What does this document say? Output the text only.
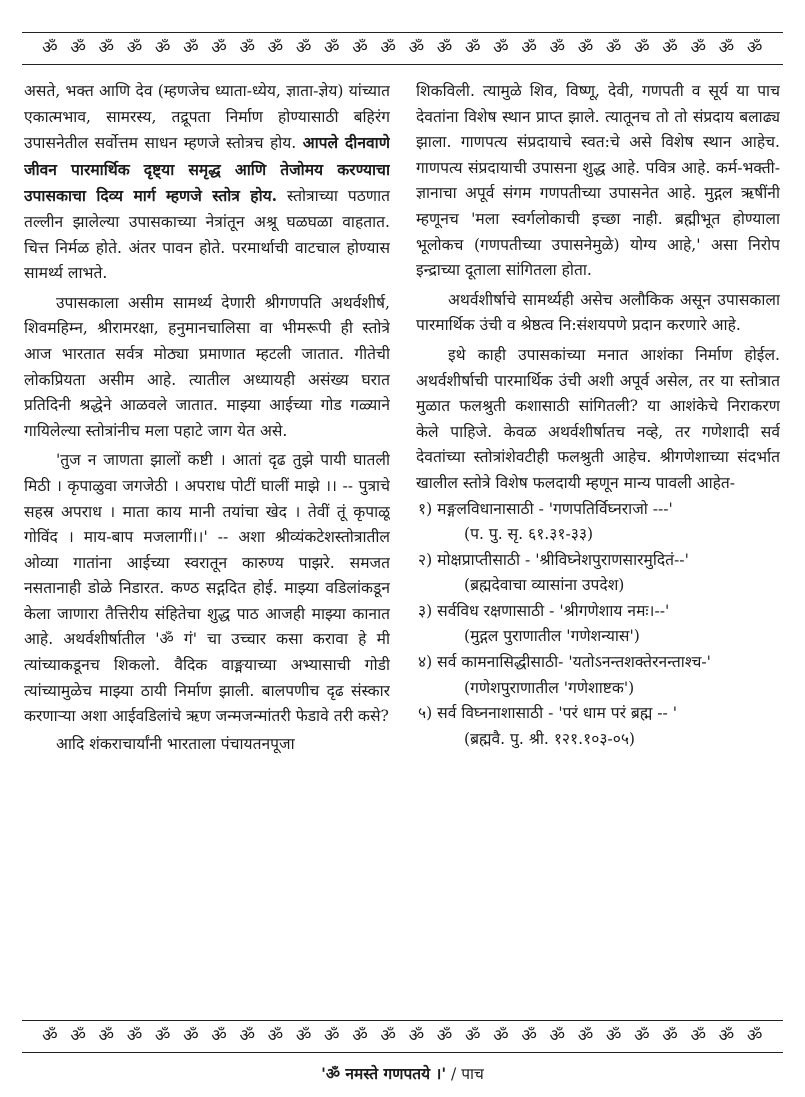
ॐ ॐ ॐ ॐ ॐ ॐ ॐ ॐ ॐ ॐ ॐ ॐ ॐ ॐ ॐ ॐ ॐ ॐ ॐ ॐ ॐ ॐ ॐ ॐ ॐ ॐ

असते, भक्त आणि देव (म्हणजेच ध्याता-ध्येय, ज्ञाता-ज्ञेय) यांच्यात एकात्मभाव, सामरस्य, तद्रूपता निर्माण होण्यासाठी बहिरंग उपासनेतील सर्वोत्तम साधन म्हणजे स्तोत्रच होय. आपले दीनवाणे जीवन पारमार्थिक दृष्ट्या समृद्ध आणि तेजोमय करण्याचा उपासकाचा दिव्य मार्ग म्हणजे स्तोत्र होय. स्तोत्राच्या पठणात तल्लीन झालेल्या उपासकाच्या नेत्रांतून अश्रू घळघळा वाहतात. चित्त निर्मळ होते. अंतर पावन होते. परमार्थाची वाटचाल होण्यास सामर्थ्य लाभते.

उपासकाला असीम सामर्थ्य देणारी श्रीगणपति अथर्वशीर्ष, शिवमहिम्न, श्रीरामरक्षा, हनुमानचालिसा वा भीमरूपी ही स्तोत्रे आज भारतात सर्वत्र मोठ्या प्रमाणात म्हटली जातात. गीतेची लोकप्रियता असीम आहे. त्यातील अध्यायही असंख्य घरात प्रतिदिनी श्रद्धेने आळवले जातात. माझ्या आईच्या गोड गळ्याने गायिलेल्या स्तोत्रांनीच मला पहाटे जाग येत असे.

'तुज न जाणता झालों कष्टी । आतां दृढ तुझे पायी घातली मिठी । कृपाळुवा जगजेठी । अपराध पोटीं घालीं माझे ।। -- पुत्राचे सहस्र अपराध । माता काय मानी तयांचा खेद । तेवीं तूं कृपाळू गोविंद । माय-बाप मजलागीं।।' -- अशा श्रीव्यंकटेशस्तोत्रातील ओव्या गातांना आईच्या स्वरातून कारुण्य पाझरे. समजत नसतानाही डोळे निडारत. कण्ठ सद्गदित होई. माझ्या वडिलांकडून केला जाणारा तैत्तिरीय संहितेचा शुद्ध पाठ आजही माझ्या कानात आहे. अथर्वशीर्षातील 'ॐ गं' चा उच्चार कसा करावा हे मी त्यांच्याकडूनच शिकलो. वैदिक वाङ्मयाच्या अभ्यासाची गोडी त्यांच्यामुळेच माझ्या ठायी निर्माण झाली. बालपणीच दृढ संस्कार करणाऱ्या अशा आईवडिलांचे ऋण जन्मजन्मांतरी फेडावे तरी कसे?

आदि शंकराचार्यांनी भारताला पंचायतनपूजा

शिकविली. त्यामुळे शिव, विष्णू, देवी, गणपती व सूर्य या पाच देवतांना विशेष स्थान प्राप्त झाले. त्यातूनच तो तो संप्रदाय बलाढ्य झाला. गाणपत्य संप्रदायाचे स्वत:चे असे विशेष स्थान आहेच. गाणपत्य संप्रदायाची उपासना शुद्ध आहे. पवित्र आहे. कर्म-भक्ती-ज्ञानाचा अपूर्व संगम गणपतीच्या उपासनेत आहे. मुद्गल ऋषींनी म्हणूनच 'मला स्वर्गलोकाची इच्छा नाही. ब्रह्मीभूत होण्याला भूलोकच (गणपतीच्या उपासनेमुळे) योग्य आहे,' असा निरोप इन्द्राच्या दूताला सांगितला होता.

अथर्वशीर्षाचे सामर्थ्यही असेच अलौकिक असून उपासकाला पारमार्थिक उंची व श्रेष्ठत्व नि:संशयपणे प्रदान करणारे आहे.

इथे काही उपासकांच्या मनात आशंका निर्माण होईल. अथर्वशीर्षाची पारमार्थिक उंची अशी अपूर्व असेल, तर या स्तोत्रात मुळात फलश्रुती कशासाठी सांगितली? या आशंकेचे निराकरण केले पाहिजे. केवळ अथर्वशीर्षातच नव्हे, तर गणेशादी सर्व देवतांच्या स्तोत्रांशेवटीही फलश्रुती आहेच. श्रीगणेशाच्या संदर्भात खालील स्तोत्रे विशेष फलदायी म्हणून मान्य पावली आहेत-

१) मङ्गलविधानासाठी - 'गणपतिर्विघ्नराजो ---'
(प. पु. सृ. ६१.३१-३३)
२) मोक्षप्राप्तीसाठी - 'श्रीविघ्नेशपुराणसारमुदितं--'
(ब्रह्मदेवाचा व्यासांना उपदेश)
३) सर्वविध रक्षणासाठी - 'श्रीगणेशाय नमः।--'
(मुद्गल पुराणातील 'गणेशन्यास')
४) सर्व कामनासिद्धीसाठी- 'यतोऽनन्तशक्तेरनन्ताश्च-'
(गणेशपुराणातील 'गणेशाष्टक')
५) सर्व विघ्ननाशासाठी - 'परं धाम परं ब्रह्म -- '
(ब्रह्मवै. पु. श्री. १२१.१०३-०५)
ॐ ॐ ॐ ॐ ॐ ॐ ॐ ॐ ॐ ॐ ॐ ॐ ॐ ॐ ॐ ॐ ॐ ॐ ॐ ॐ ॐ ॐ ॐ ॐ ॐ ॐ
'ॐ नमस्ते गणपतये ।' / पाच
